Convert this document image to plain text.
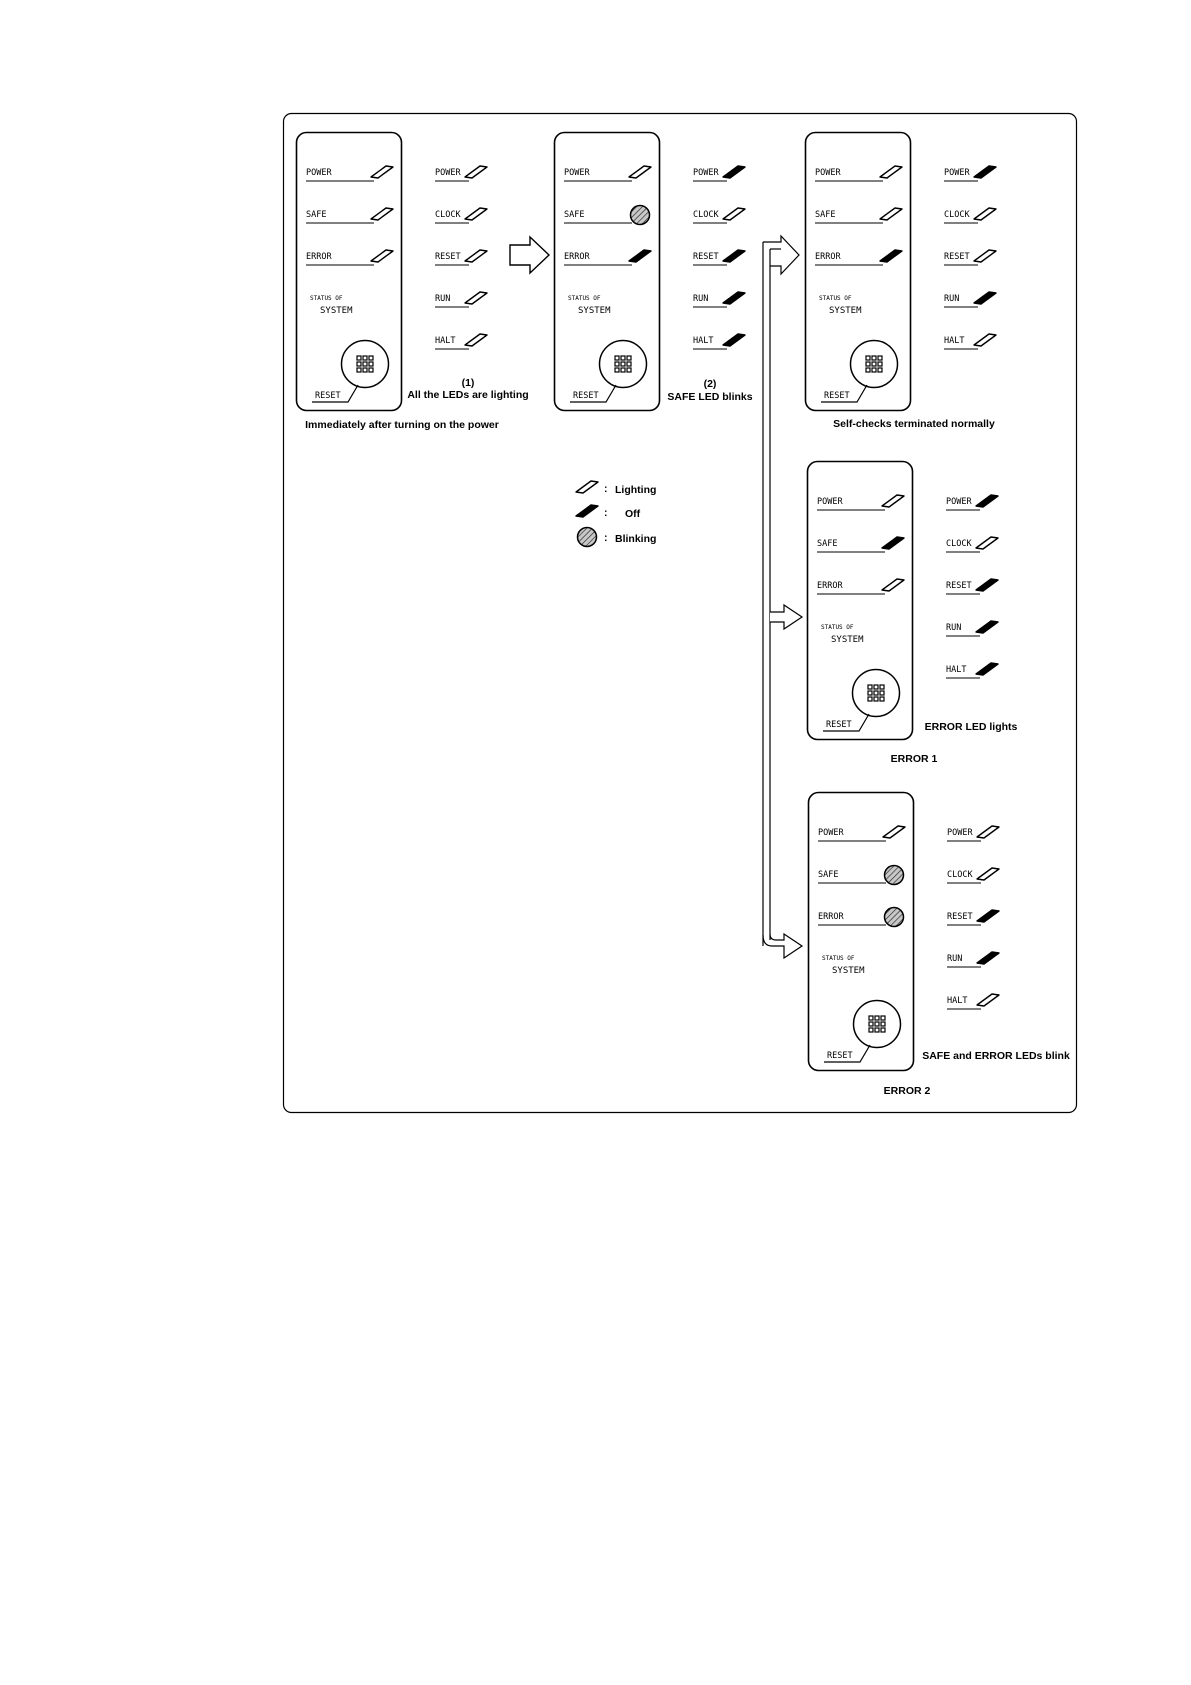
POWER
SAFE
ERROR
STATUS OF
SYSTEM
RESET
POWER
CLOCK
RESET
RUN
HALT
(1)
All the LEDs are lighting
Immediately after turning on the power
POWER
SAFE
ERROR
STATUS OF
SYSTEM
RESET
POWER
CLOCK
RESET
RUN
HALT
(2)
SAFE LED blinks
POWER
SAFE
ERROR
STATUS OF
SYSTEM
RESET
POWER
CLOCK
RESET
RUN
HALT
Self-checks terminated normally
POWER
SAFE
ERROR
STATUS OF
SYSTEM
RESET
POWER
CLOCK
RESET
RUN
HALT
ERROR LED lights
ERROR 1
POWER
SAFE
ERROR
STATUS OF
SYSTEM
RESET
POWER
CLOCK
RESET
RUN
HALT
SAFE and ERROR LEDs blink
ERROR 2
: Lighting
: Off
: Blinking
